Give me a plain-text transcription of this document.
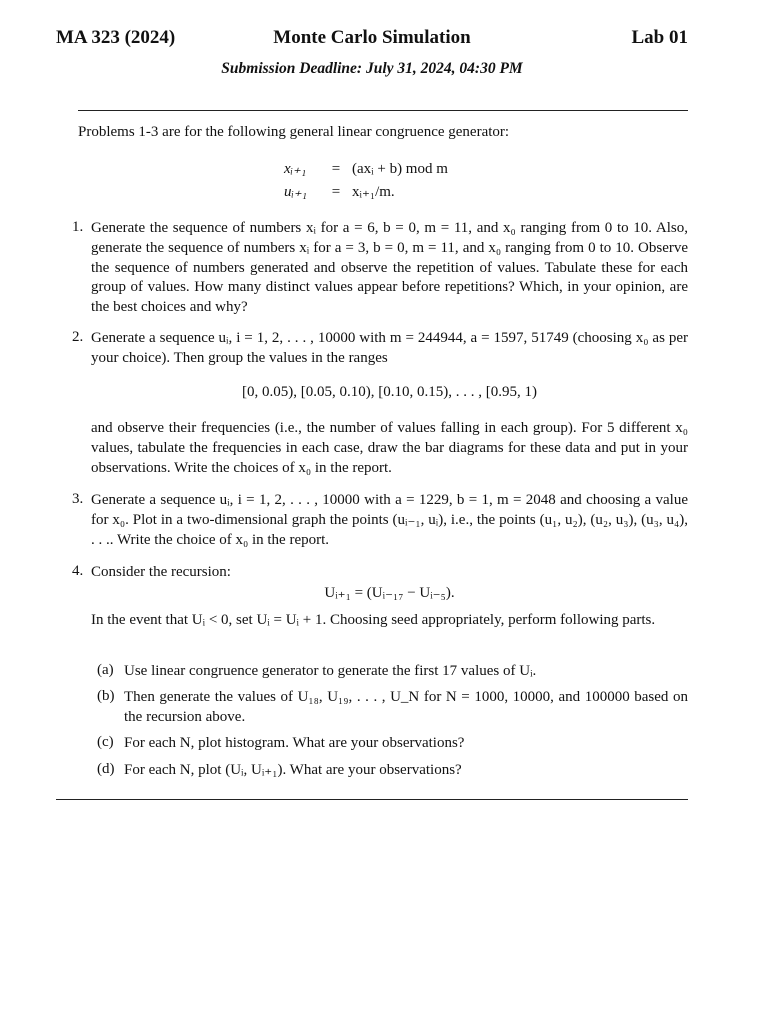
MA 323 (2024)	Monte Carlo Simulation	Lab 01
Submission Deadline: July 31, 2024, 04:30 PM
Problems 1-3 are for the following general linear congruence generator:
xᵢ₊₁ = (axᵢ + b) mod m
uᵢ₊₁ = xᵢ₊₁/m.
1. Generate the sequence of numbers xᵢ for a = 6, b = 0, m = 11, and x₀ ranging from 0 to 10. Also, generate the sequence of numbers xᵢ for a = 3, b = 0, m = 11, and x₀ ranging from 0 to 10. Observe the sequence of numbers generated and observe the repetition of values. Tabulate these for each group of values. How many distinct values appear before repetitions? Which, in your opinion, are the best choices and why?
2. Generate a sequence uᵢ, i = 1, 2, . . . , 10000 with m = 244944, a = 1597, 51749 (choosing x₀ as per your choice). Then group the values in the ranges
[0, 0.05), [0.05, 0.10), [0.10, 0.15), . . . , [0.95, 1)
and observe their frequencies (i.e., the number of values falling in each group). For 5 different x₀ values, tabulate the frequencies in each case, draw the bar diagrams for these data and put in your observations. Write the choices of x₀ in the report.
3. Generate a sequence uᵢ, i = 1, 2, . . . , 10000 with a = 1229, b = 1, m = 2048 and choosing a value for x₀. Plot in a two-dimensional graph the points (uᵢ₋₁, uᵢ), i.e., the points (u₁, u₂), (u₂, u₃), (u₃, u₄), . . .. Write the choice of x₀ in the report.
4. Consider the recursion:
Uᵢ₊₁ = (Uᵢ₋₁₇ − Uᵢ₋₅).
In the event that Uᵢ < 0, set Uᵢ = Uᵢ + 1. Choosing seed appropriately, perform following parts.
(a) Use linear congruence generator to generate the first 17 values of Uᵢ.
(b) Then generate the values of U₁₈, U₁₉, . . . , U_N for N = 1000, 10000, and 100000 based on the recursion above.
(c) For each N, plot histogram. What are your observations?
(d) For each N, plot (Uᵢ, Uᵢ₊₁). What are your observations?
